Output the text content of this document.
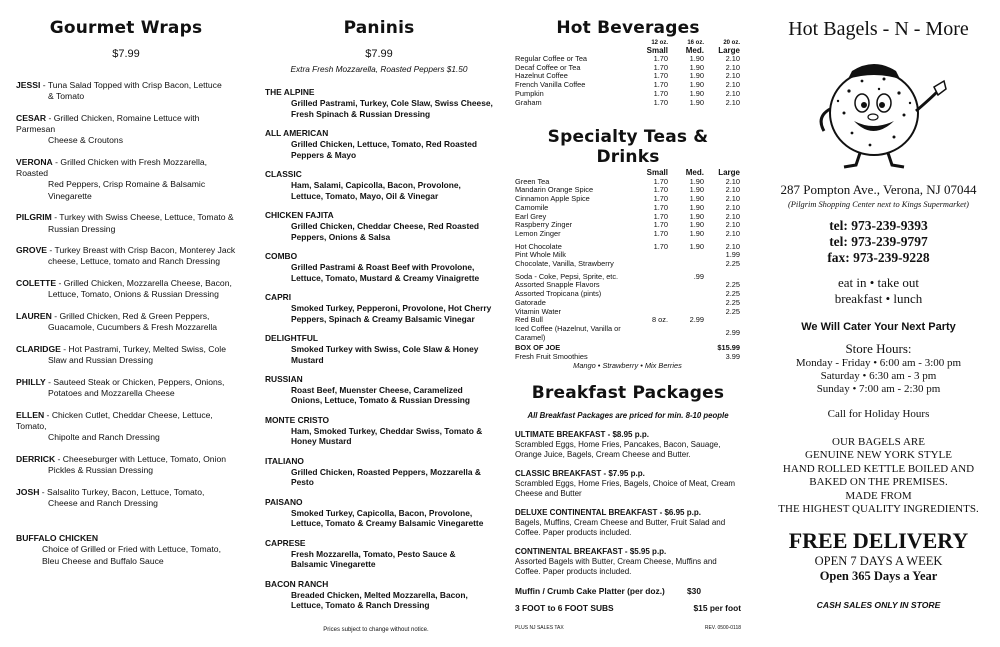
Gourmet Wraps
$7.99
JESSI - Tuna Salad Topped with Crisp Bacon, Lettuce
& Tomato
CESAR - Grilled Chicken, Romaine Lettuce with Parmesan
Cheese & Croutons
VERONA - Grilled Chicken with Fresh Mozzarella, Roasted
Red Peppers, Crisp Romaine & Balsamic Vinegarette
PILGRIM - Turkey with Swiss Cheese, Lettuce, Tomato &
Russian Dressing
GROVE - Turkey Breast with Crisp Bacon, Monterey Jack
cheese, Lettuce, tomato and Ranch Dressing
COLETTE - Grilled Chicken, Mozzarella Cheese, Bacon,
Lettuce, Tomato, Onions & Russian Dressing
LAUREN - Grilled Chicken, Red & Green Peppers,
Guacamole, Cucumbers & Fresh Mozzarella
CLARIDGE - Hot Pastrami, Turkey, Melted Swiss, Cole
Slaw and Russian Dressing
PHILLY - Sauteed Steak or Chicken, Peppers, Onions,
Potatoes and Mozzarella Cheese
ELLEN - Chicken Cutlet, Cheddar Cheese, Lettuce, Tomato,
Chipolte and Ranch Dressing
DERRICK - Cheeseburger with Lettuce, Tomato, Onion
Pickles & Russian Dressing
JOSH - Salsalito Turkey, Bacon, Lettuce, Tomato,
Cheese and Ranch Dressing
BUFFALO CHICKEN
Choice of Grilled or Fried with Lettuce, Tomato, Bleu Cheese and Buffalo Sauce
Paninis
$7.99
Extra Fresh Mozzarella, Roasted Peppers $1.50
THE ALPINE
Grilled Pastrami, Turkey, Cole Slaw, Swiss Cheese, Fresh Spinach & Russian Dressing
ALL AMERICAN
Grilled Chicken, Lettuce, Tomato, Red Roasted Peppers & Mayo
CLASSIC
Ham, Salami, Capicolla, Bacon, Provolone, Lettuce, Tomato, Mayo, Oil & Vinegar
CHICKEN FAJITA
Grilled Chicken, Cheddar Cheese, Red Roasted Peppers, Onions & Salsa
COMBO
Grilled Pastrami & Roast Beef with Provolone, Lettuce, Tomato, Mustard & Creamy Vinaigrette
CAPRI
Smoked Turkey, Pepperoni, Provolone, Hot Cherry Peppers, Spinach & Creamy Balsamic Vinegar
DELIGHTFUL
Smoked Turkey with Swiss, Cole Slaw & Honey Mustard
RUSSIAN
Roast Beef, Muenster Cheese, Caramelized Onions, Lettuce, Tomato & Russian Dressing
MONTE CRISTO
Ham, Smoked Turkey, Cheddar Swiss, Tomato & Honey Mustard
ITALIANO
Grilled Chicken, Roasted Peppers, Mozzarella & Pesto
PAISANO
Smoked Turkey, Capicolla, Bacon, Provolone, Lettuce, Tomato & Creamy Balsamic Vinegarette
CAPRESE
Fresh Mozzarella, Tomato, Pesto Sauce & Balsamic Vinegarette
BACON RANCH
Breaded Chicken, Melted Mozzarella, Bacon, Lettuce, Tomato & Ranch Dressing
Prices subject to change without notice.
Hot Beverages
	12 oz.	16 oz.	20 oz.
	Small	Med.	Large
Regular Coffee or Tea	1.70	1.90	2.10
Decaf Coffee or Tea	1.70	1.90	2.10
Hazelnut Coffee	1.70	1.90	2.10
French Vanilla Coffee	1.70	1.90	2.10
Pumpkin	1.70	1.90	2.10
Graham	1.70	1.90	2.10
Specialty Teas & Drinks
	Small	Med.	Large
Green Tea	1.70	1.90	2.10
Mandarin Orange Spice	1.70	1.90	2.10
Cinnamon Apple Spice	1.70	1.90	2.10
Camomile	1.70	1.90	2.10
Earl Grey	1.70	1.90	2.10
Raspberry Zinger	1.70	1.90	2.10
Lemon Zinger	1.70	1.90	2.10

Hot Chocolate	1.70	1.90	2.10
Pint Whole Milk			1.99
Chocolate, Vanilla, Strawberry			2.25

Soda - Coke, Pepsi, Sprite, etc.		.99	
Assorted Snapple Flavors			2.25
Assorted Tropicana (pints)			2.25
Gatorade			2.25
Vitamin Water			2.25
Red Bull	8 oz.	2.99	
Iced Coffee (Hazelnut, Vanilla or Caramel)			2.99
BOX OF JOE	$15.99
Fresh Fruit Smoothies	3.99
Mango • Strawberry • Mix Berries
Breakfast Packages
All Breakfast Packages are priced for min. 8-10 people
ULTIMATE BREAKFAST - $8.95 p.p.
Scrambled Eggs, Home Fries, Pancakes, Bacon, Sauage, Orange Juice, Bagels, Cream Cheese and Butter.
CLASSIC BREAKFAST - $7.95 p.p.
Scrambled Eggs, Home Fries, Bagels, Choice of Meat, Cream Cheese and Butter
DELUXE CONTINENTAL BREAKFAST - $6.95 p.p.
Bagels, Muffins, Cream Cheese and Butter, Fruit Salad and Coffee. Paper products included.
CONTINENTAL BREAKFAST - $5.95 p.p.
Assorted Bagels with Butter, Cream Cheese, Muffins and Coffee. Paper products included.
Muffin / Crumb Cake Platter (per doz.)	$30
3 FOOT to 6 FOOT SUBS	$15 per foot
PLUS NJ SALES TAX	REV. 0500-0118
Hot Bagels - N - More
287 Pompton Ave., Verona, NJ 07044
(Pilgrim Shopping Center next to Kings Supermarket)
tel: 973-239-9393
tel: 973-239-9797
fax: 973-239-9228
eat in • take out
breakfast • lunch
We Will Cater Your Next Party
Store Hours:
Monday - Friday • 6:00 am - 3:00 pm
Saturday • 6:30 am - 3 pm
Sunday • 7:00 am - 2:30 pm
Call for Holiday Hours
OUR BAGELS ARE
GENUINE NEW YORK STYLE
HAND ROLLED KETTLE BOILED AND
BAKED ON THE PREMISES.
MADE FROM
THE HIGHEST QUALITY INGREDIENTS.
FREE DELIVERY
OPEN 7 DAYS A WEEK
Open 365 Days a Year
CASH SALES ONLY IN STORE
